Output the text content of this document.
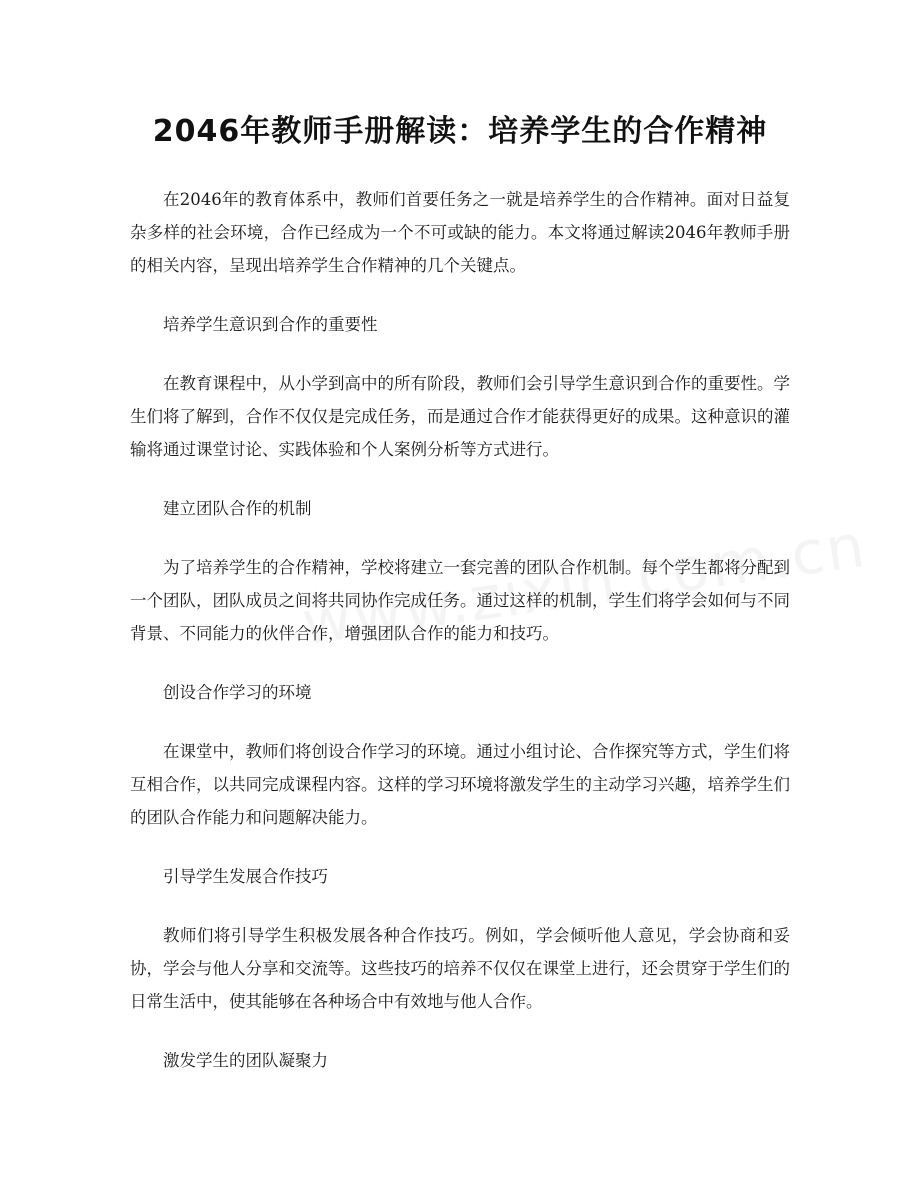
2046年教师手册解读：培养学生的合作精神

在2046年的教育体系中，教师们首要任务之一就是培养学生的合作精神。面对日益复杂多样的社会环境，合作已经成为一个不可或缺的能力。本文将通过解读2046年教师手册的相关内容，呈现出培养学生合作精神的几个关键点。

培养学生意识到合作的重要性

在教育课程中，从小学到高中的所有阶段，教师们会引导学生意识到合作的重要性。学生们将了解到，合作不仅仅是完成任务，而是通过合作才能获得更好的成果。这种意识的灌输将通过课堂讨论、实践体验和个人案例分析等方式进行。

建立团队合作的机制

为了培养学生的合作精神，学校将建立一套完善的团队合作机制。每个学生都将分配到一个团队，团队成员之间将共同协作完成任务。通过这样的机制，学生们将学会如何与不同背景、不同能力的伙伴合作，增强团队合作的能力和技巧。

创设合作学习的环境

在课堂中，教师们将创设合作学习的环境。通过小组讨论、合作探究等方式，学生们将互相合作，以共同完成课程内容。这样的学习环境将激发学生的主动学习兴趣，培养学生们的团队合作能力和问题解决能力。

引导学生发展合作技巧

教师们将引导学生积极发展各种合作技巧。例如，学会倾听他人意见，学会协商和妥协，学会与他人分享和交流等。这些技巧的培养不仅仅在课堂上进行，还会贯穿于学生们的日常生活中，使其能够在各种场合中有效地与他人合作。

激发学生的团队凝聚力
